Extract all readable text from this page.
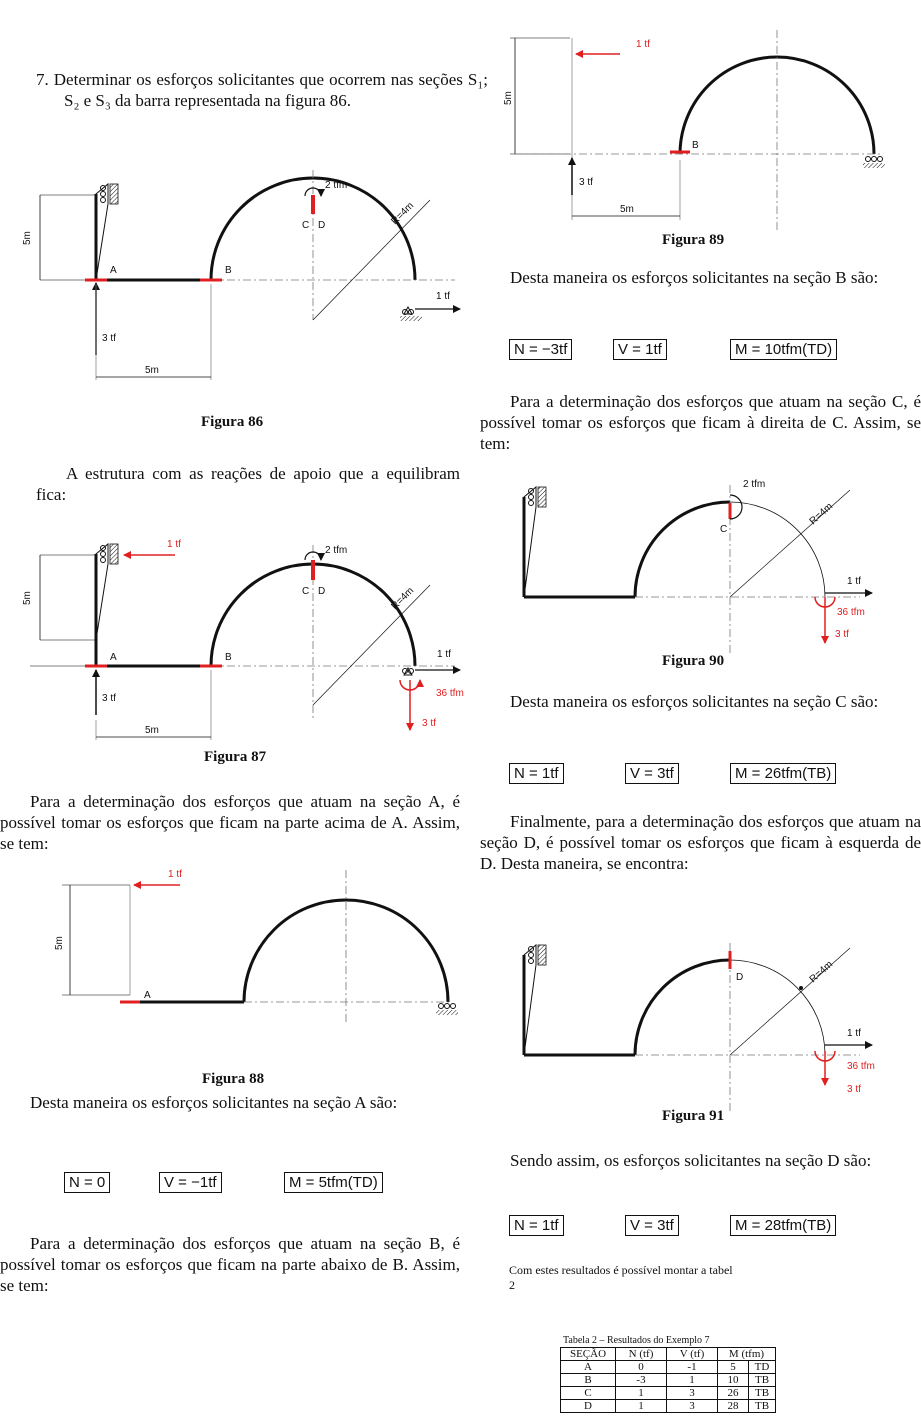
7. Determinar os esforços solicitantes que ocorrem nas seções S₁; S₂ e S₃ da barra representada na figura 86.
5m
R=4m
A	B
C D
2 tfm
1 tf
3 tf
5m
Figura 86
A estrutura com as reações de apoio que a equilibram fica:
5m
1 tf
R=4m
A	B
C D
2 tfm
1 tf
36 tfm
3 tf
3 tf
5m
Figura 87
Para a determinação dos esforços que atuam na seção A, é possível tomar os esforços que ficam na parte acima de A. Assim, se tem:
5m
1 tf
A
Figura 88
Desta maneira os esforços solicitantes na seção A são:
N = 0	V = −1tf	M = 5tfm(TD)
Para a determinação dos esforços que atuam na seção B, é possível tomar os esforços que ficam na parte abaixo de B. Assim, se tem:
5m
1 tf
B
3 tf
5m
Figura 89
Desta maneira os esforços solicitantes na seção B são:
N = −3tf	V = 1tf	M = 10tfm(TD)
Para a determinação dos esforços que atuam na seção C, é possível tomar os esforços que ficam à direita de C. Assim, se tem:
R=4m
C
2 tfm
1 tf
36 tfm
3 tf
Figura 90
Desta maneira os esforços solicitantes na seção C são:
N = 1tf	V = 3tf	M = 26tfm(TB)
Finalmente, para a determinação dos esforços que atuam na seção D, é possível tomar os esforços que ficam à esquerda de D. Desta maneira, se encontra:
R=4m
D
1 tf
36 tfm
3 tf
Figura 91
Sendo assim, os esforços solicitantes na seção D são:
N = 1tf	V = 3tf	M = 28tfm(TB)
Com estes resultados é possível montar a tabel
2
Tabela 2 – Resultados do Exemplo 7
SEÇÃO	N (tf)	V (tf)	M (tfm)	
A	0	-1	5	TD
B	-3	1	10	TB
C	1	3	26	TB
D	1	3	28	TB
